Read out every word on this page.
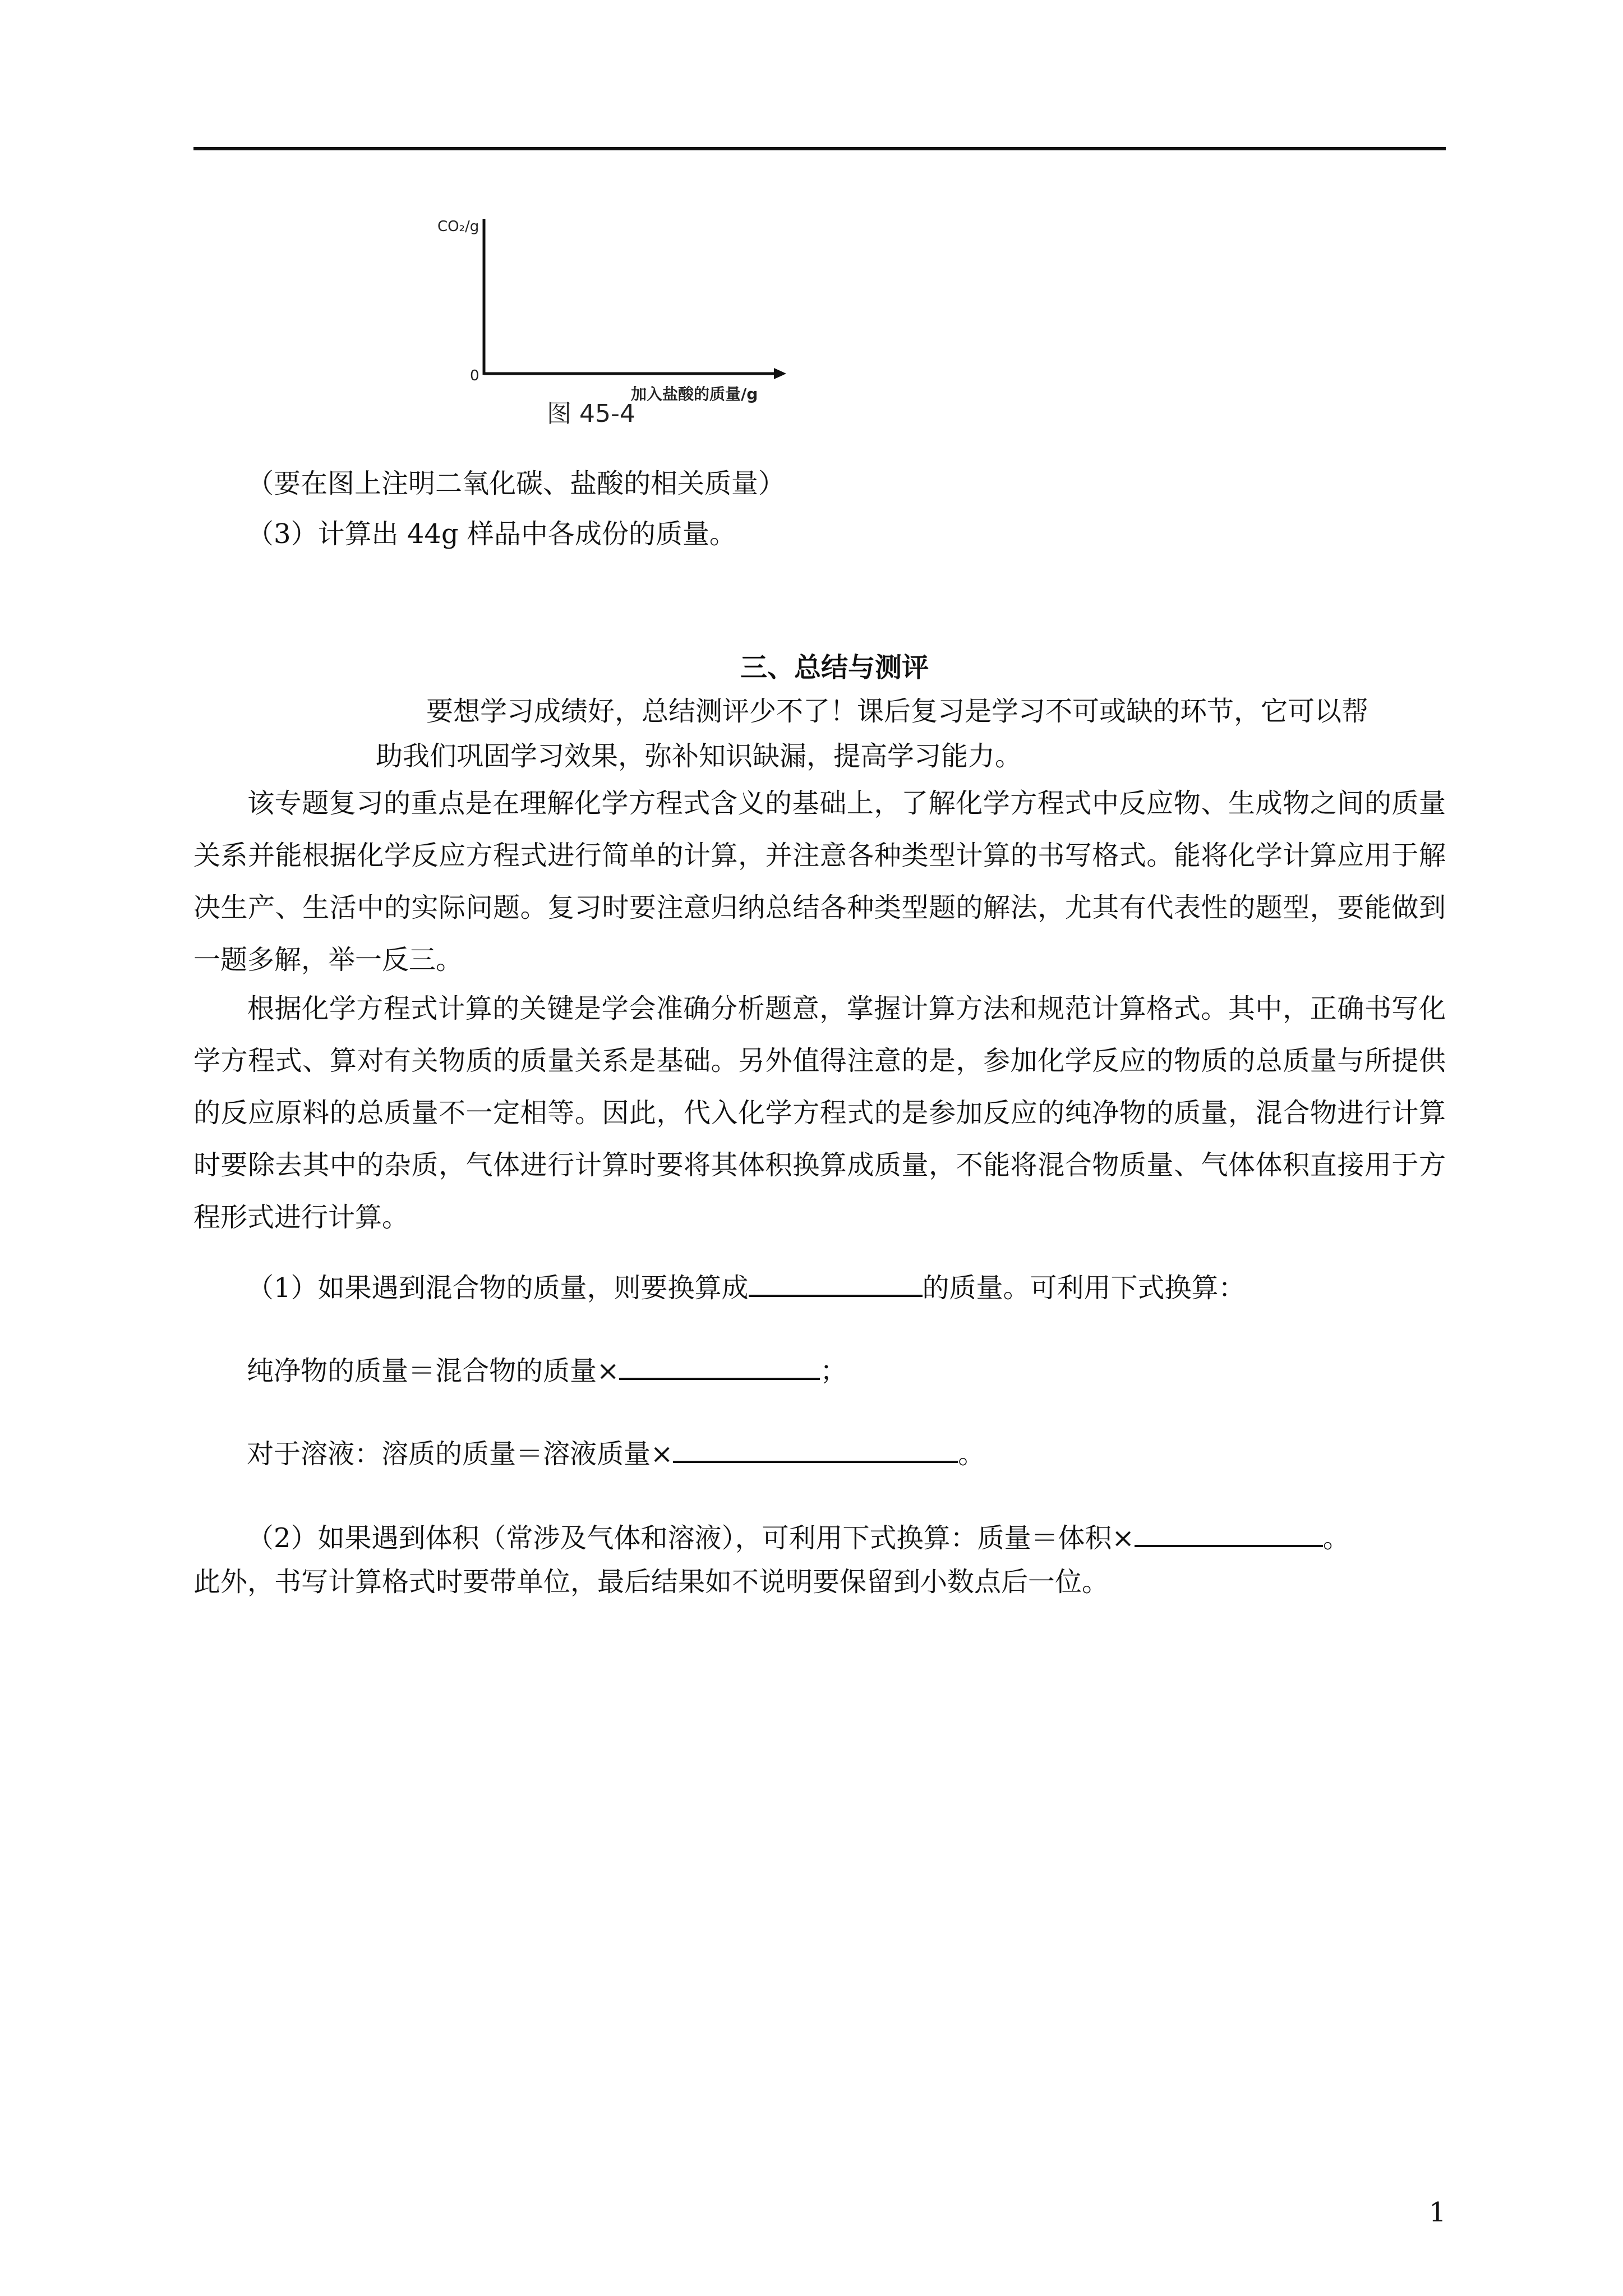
CO₂/g
0
加入盐酸的质量/g
图 45-4
（要在图上注明二氧化碳、盐酸的相关质量）
（3）计算出 44g 样品中各成份的质量。
三、总结与测评
要想学习成绩好，总结测评少不了！课后复习是学习不可或缺的环节，它可以帮
助我们巩固学习效果，弥补知识缺漏，提高学习能力。
该专题复习的重点是在理解化学方程式含义的基础上，了解化学方程式中反应物、生成物之间的质量关系并能根据化学反应方程式进行简单的计算，并注意各种类型计算的书写格式。能将化学计算应用于解决生产、生活中的实际问题。复习时要注意归纳总结各种类型题的解法，尤其有代表性的题型，要能做到一题多解，举一反三。
根据化学方程式计算的关键是学会准确分析题意，掌握计算方法和规范计算格式。其中，正确书写化学方程式、算对有关物质的质量关系是基础。另外值得注意的是，参加化学反应的物质的总质量与所提供的反应原料的总质量不一定相等。因此，代入化学方程式的是参加反应的纯净物的质量，混合物进行计算时要除去其中的杂质，气体进行计算时要将其体积换算成质量，不能将混合物质量、气体体积直接用于方程形式进行计算。
（1）如果遇到混合物的质量，则要换算成	的质量。可利用下式换算：
纯净物的质量＝混合物的质量×	；
对于溶液：溶质的质量＝溶液质量×	。
（2）如果遇到体积（常涉及气体和溶液），可利用下式换算：质量＝体积×	。
此外，书写计算格式时要带单位，最后结果如不说明要保留到小数点后一位。
1
